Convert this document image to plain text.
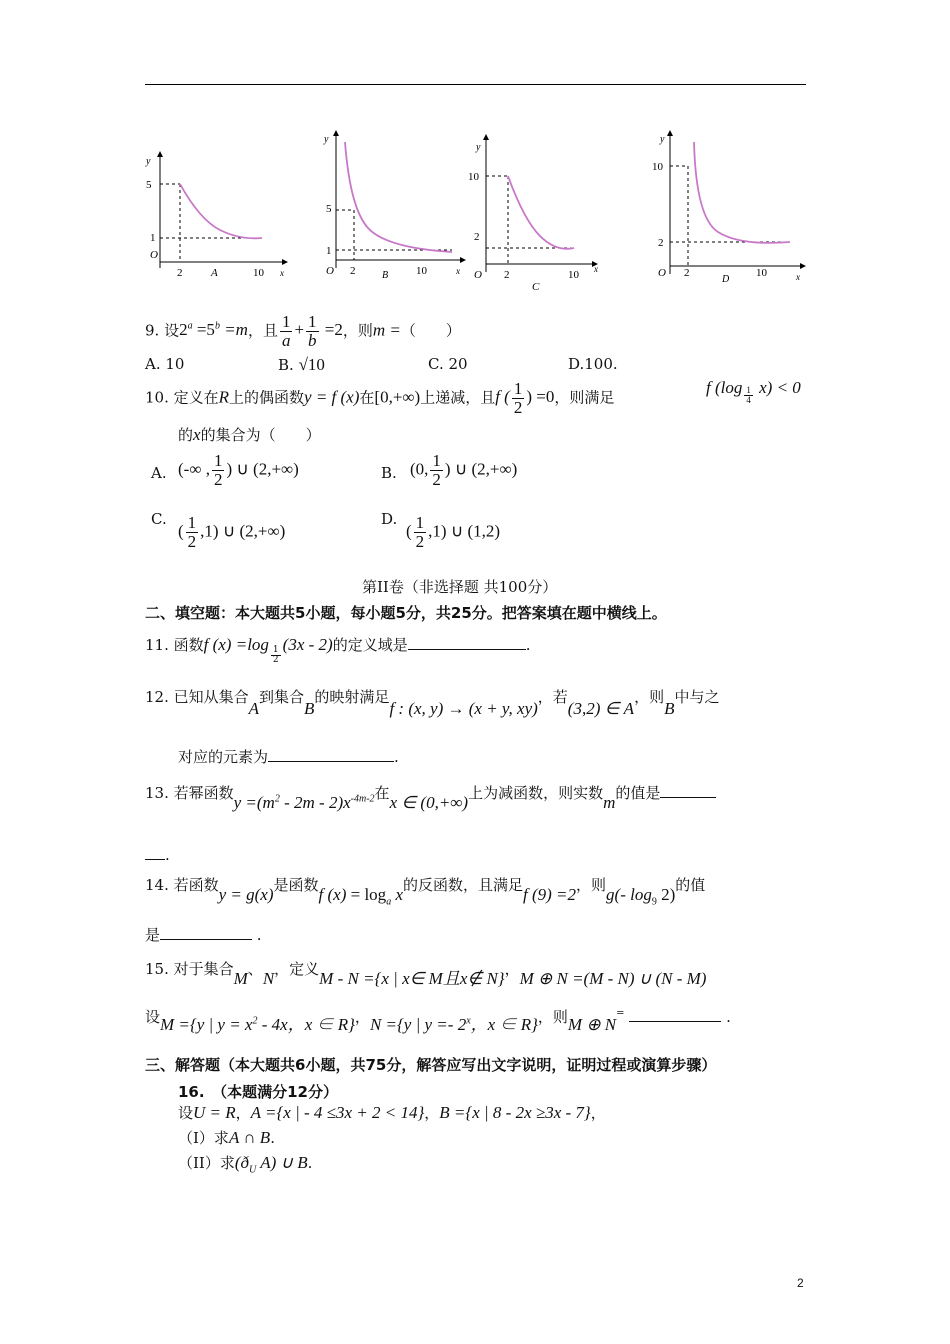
y
5
1
O
2	10 x
A
y
5
1
O 2	10	x
B
y
10
2
O 2	10 x
C
y
10
2
O 2	10	x
D
9. 设$2^a =5^b =m$，且 $\frac{1}{a} + \frac{1}{b} =2$，则m =（　　）
A. 10	B. √10	C. 20	D.100.
10. 定义在R上的偶函数y = f (x)在[0,+∞)上递减，且f ( $\frac{1}{2}$ ) =0，则满足
f $(\log \frac{1}{4} x) < 0$
的x的集合为（　　）
A. (-∞ , $\frac{1}{2}$ ) ∪ (2,+∞)	B. (0, $\frac{1}{2}$ ) ∪ (2,+∞)
C.
( $\frac{1}{2} ,1$) ∪ (2,+∞)
D.
( $\frac{1}{2} ,1$) ∪ (1,2)
第II卷（非选择题 共100分）
二、填空题：本大题共5小题，每小题5分，共25分。把答案填在题中横线上。
11. 函数f (x) =log
$\frac{1}{2}$
(3x - 2)的定义域是	.
12. 已知从集合A到集合B的映射满足f : (x, y) → (x + y, xy)，若(3,2) ∈ A，则B中与之
对应的元素为	.
13. 若幂函数$y =(m^2 - 2m - 2)x^{-4m-2}$在x ∈ (0,+∞)上为减函数，则实数m的值是
.
14. 若函数y = g(x)是函数f $(x) = \log_a x$的反函数，且满足f (9) =2，则g(- $\log_9 2$)的值
是	.
15. 对于集合M、N，定义M - N ={x | x∈ M且x∉ N}，M ⊕ N =(M - N) ∪ (N - M)
设M ={y | $y = x^2 - 4x$，x ∈ R}，N ={y | y =- 2$^x$，x ∈ R}，则M ⊕ N=	.
三、解答题（本大题共6小题，共75分，解答应写出文字说明，证明过程或演算步骤）
16.　（本题满分12分）
设U = R，A ={x | - 4 ≤3x + 2 < 14}，B ={x | 8 - 2x ≥3x - 7}，
（I）求A ∩ B.
（II）求($ð_U$ A) ∪ B.
2
